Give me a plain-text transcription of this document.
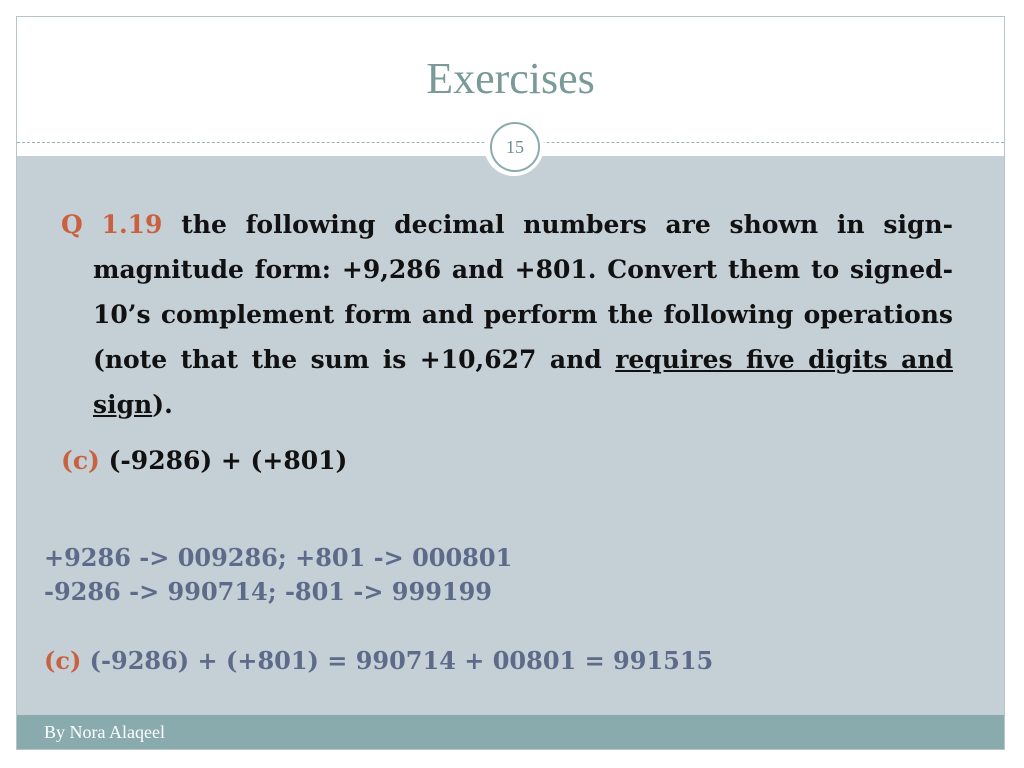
Exercises
15
Q 1.19 the following decimal numbers are shown in sign-magnitude form: +9,286 and +801. Convert them to signed-10’s complement form and perform the following operations (note that the sum is +10,627 and requires five digits and sign).
(c) (-9286) + (+801)
+9286 -> 009286; +801 -> 000801
-9286 -> 990714; -801 -> 999199
(c) (-9286) + (+801) = 990714 + 00801 = 991515
By Nora Alaqeel
